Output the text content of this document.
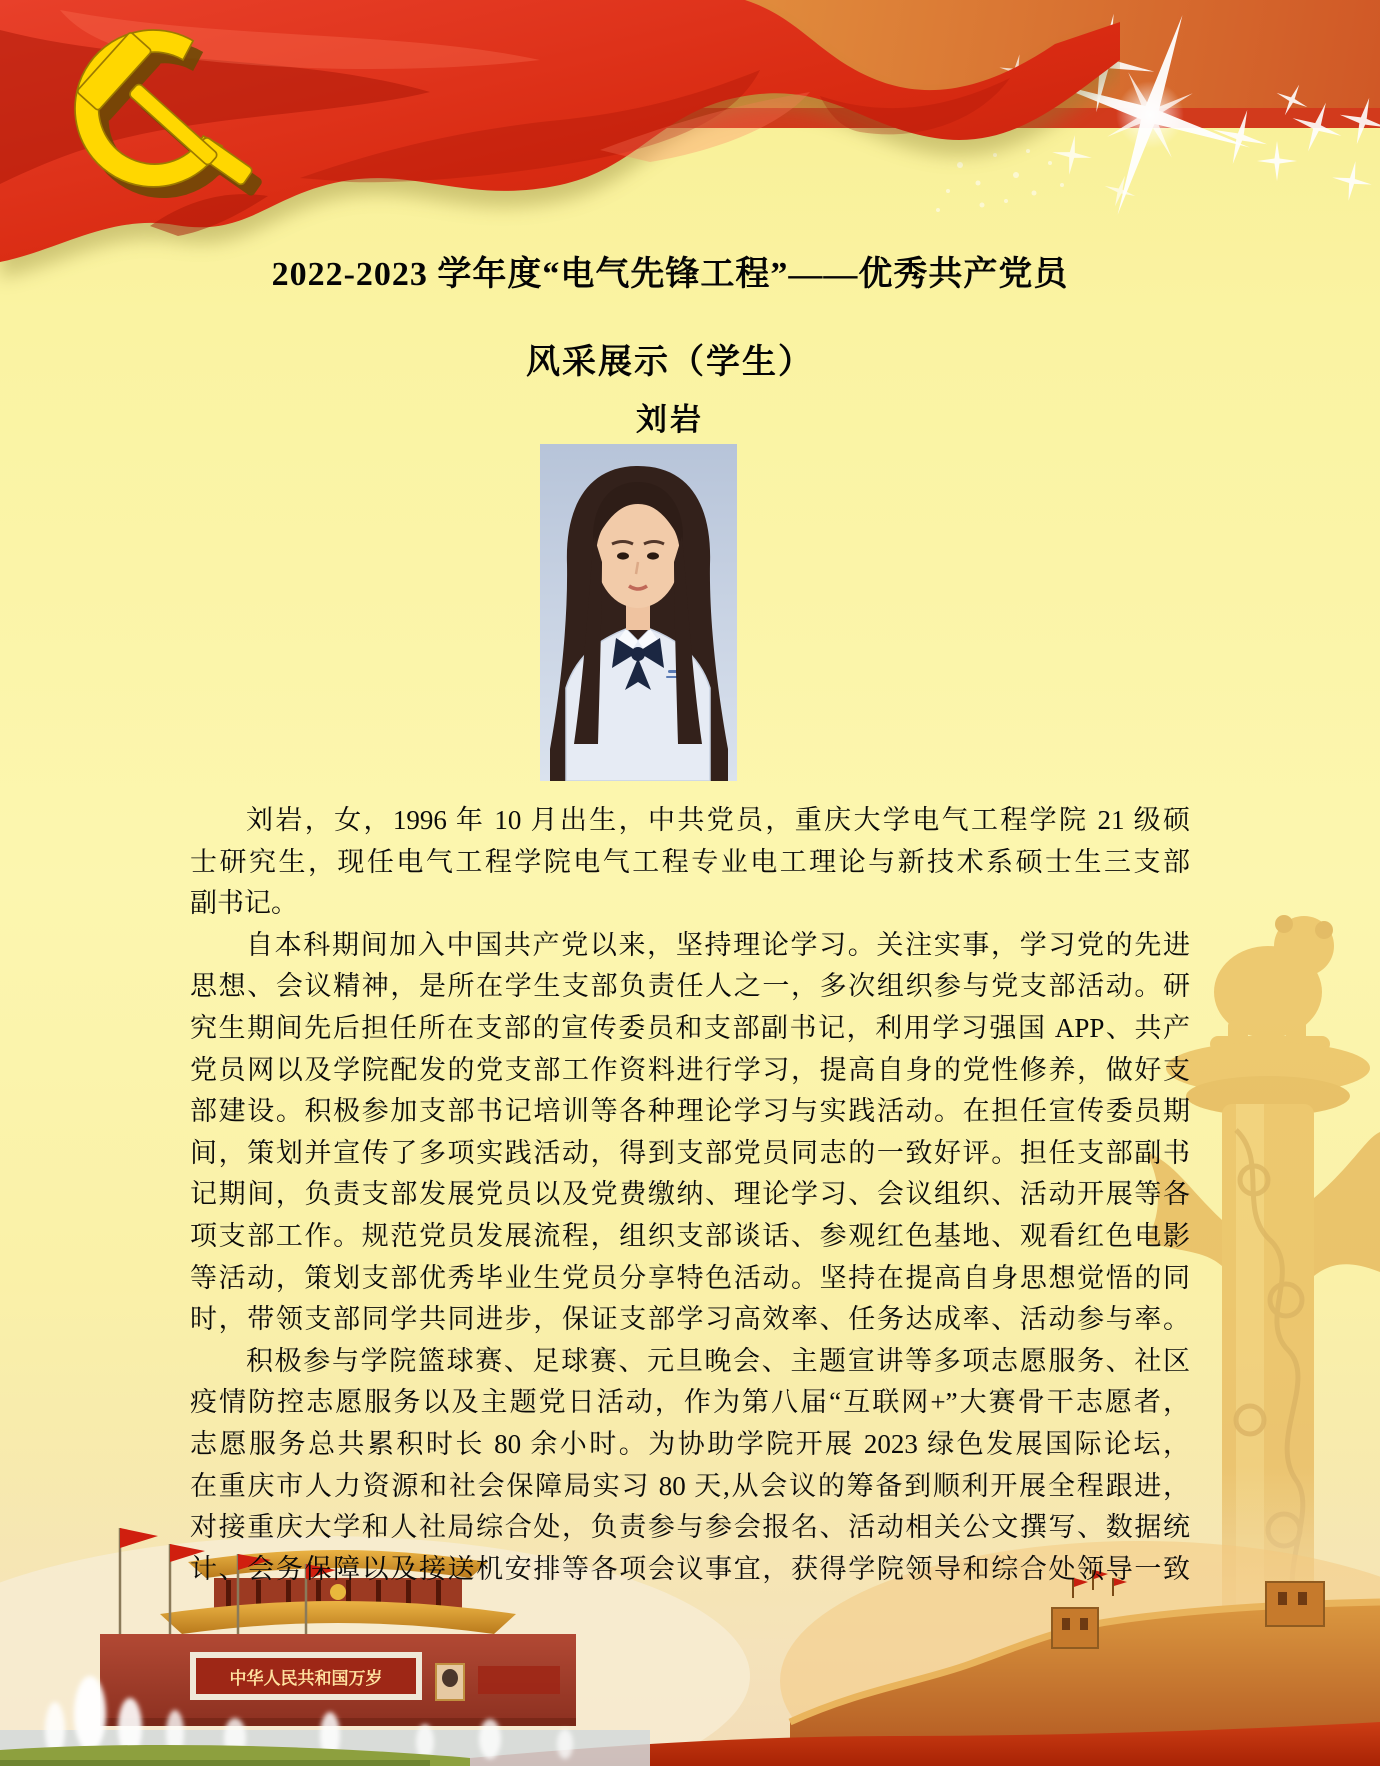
2022-2023 学年度“电气先锋工程”——优秀共产党员
风采展示（学生）
刘岩
刘岩，女，1996 年 10 月出生，中共党员，重庆大学电气工程学院 21 级硕
士研究生，现任电气工程学院电气工程专业电工理论与新技术系硕士生三支部
副书记。
自本科期间加入中国共产党以来，坚持理论学习。关注实事，学习党的先进
思想、会议精神，是所在学生支部负责任人之一，多次组织参与党支部活动。研
究生期间先后担任所在支部的宣传委员和支部副书记，利用学习强国 APP、共产
党员网以及学院配发的党支部工作资料进行学习，提高自身的党性修养，做好支
部建设。积极参加支部书记培训等各种理论学习与实践活动。在担任宣传委员期
间，策划并宣传了多项实践活动，得到支部党员同志的一致好评。担任支部副书
记期间，负责支部发展党员以及党费缴纳、理论学习、会议组织、活动开展等各
项支部工作。规范党员发展流程，组织支部谈话、参观红色基地、观看红色电影
等活动，策划支部优秀毕业生党员分享特色活动。坚持在提高自身思想觉悟的同
时，带领支部同学共同进步，保证支部学习高效率、任务达成率、活动参与率。
积极参与学院篮球赛、足球赛、元旦晚会、主题宣讲等多项志愿服务、社区
疫情防控志愿服务以及主题党日活动，作为第八届“互联网+”大赛骨干志愿者，
志愿服务总共累积时长 80 余小时。为协助学院开展 2023 绿色发展国际论坛，
在重庆市人力资源和社会保障局实习 80 天,从会议的筹备到顺利开展全程跟进，
对接重庆大学和人社局综合处，负责参与参会报名、活动相关公文撰写、数据统
计、会务保障以及接送机安排等各项会议事宜，获得学院领导和综合处领导一致
中华人民共和国万岁
